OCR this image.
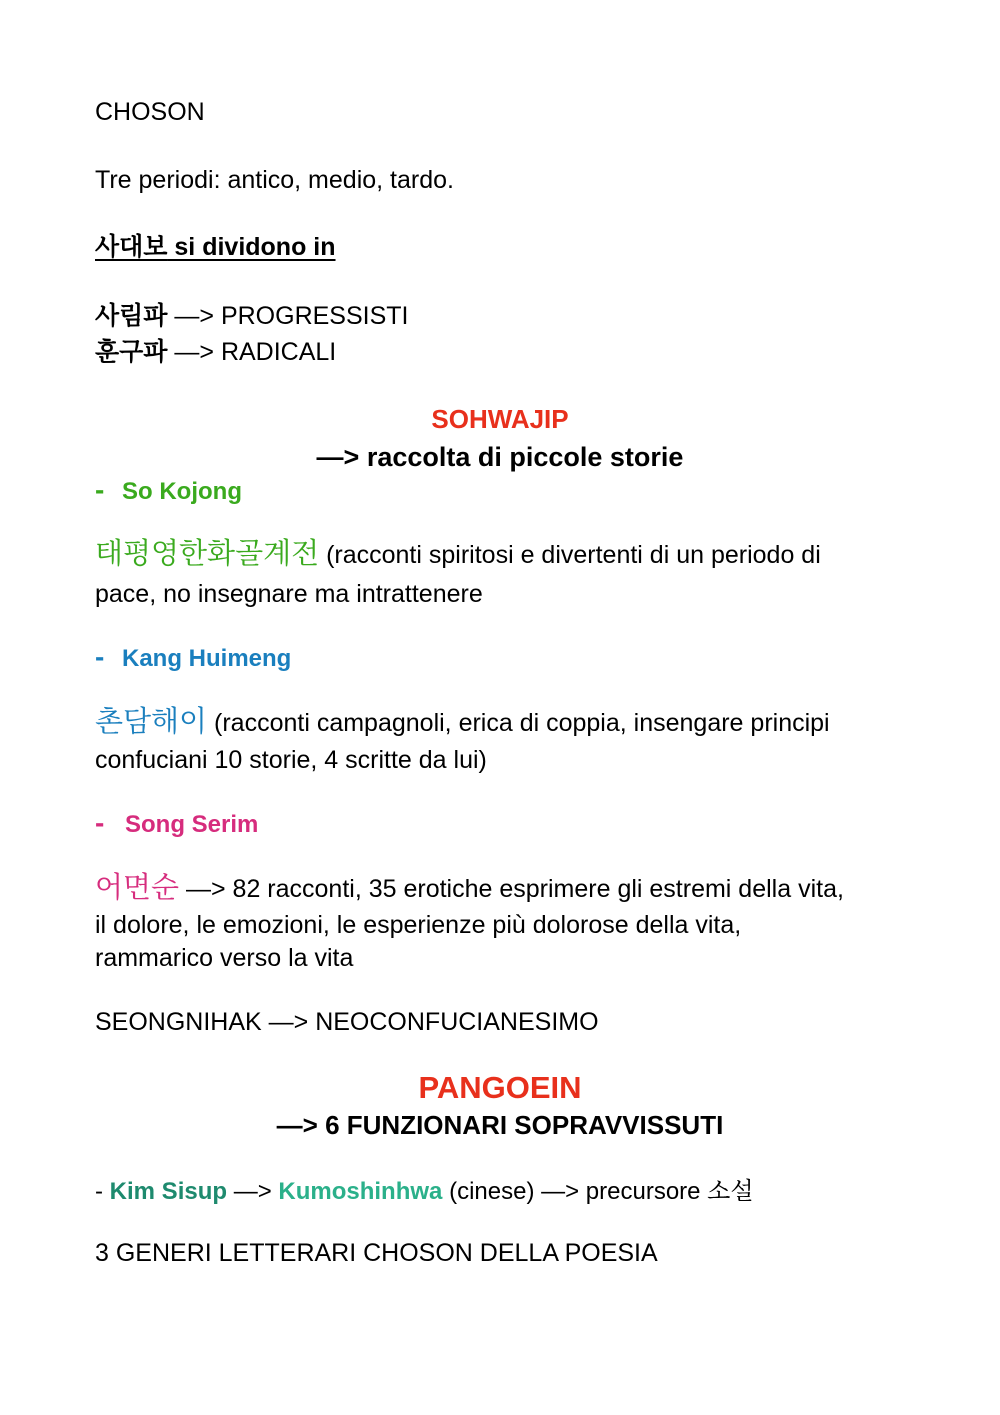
CHOSON
Tre periodi: antico, medio, tardo.
사대보 si dividono in
사림파 —> PROGRESSISTI
훈구파 —> RADICALI
SOHWAJIP
—> raccolta di piccole storie
- So Kojong
태평영한화골계전 (racconti spiritosi e divertenti di un periodo di
pace, no insegnare ma intrattenere
- Kang Huimeng
촌담해이 (racconti campagnoli, erica di coppia, insengare principi
confuciani 10 storie, 4 scritte da lui)
- Song Serim
어면순 —> 82 racconti, 35 erotiche esprimere gli estremi della vita,
il dolore, le emozioni, le esperienze più dolorose della vita,
rammarico verso la vita
SEONGNIHAK —> NEOCONFUCIANESIMO
PANGOEIN
—> 6 FUNZIONARI SOPRAVVISSUTI
- Kim Sisup —> Kumoshinhwa (cinese) —> precursore 소설
3 GENERI LETTERARI CHOSON DELLA POESIA
